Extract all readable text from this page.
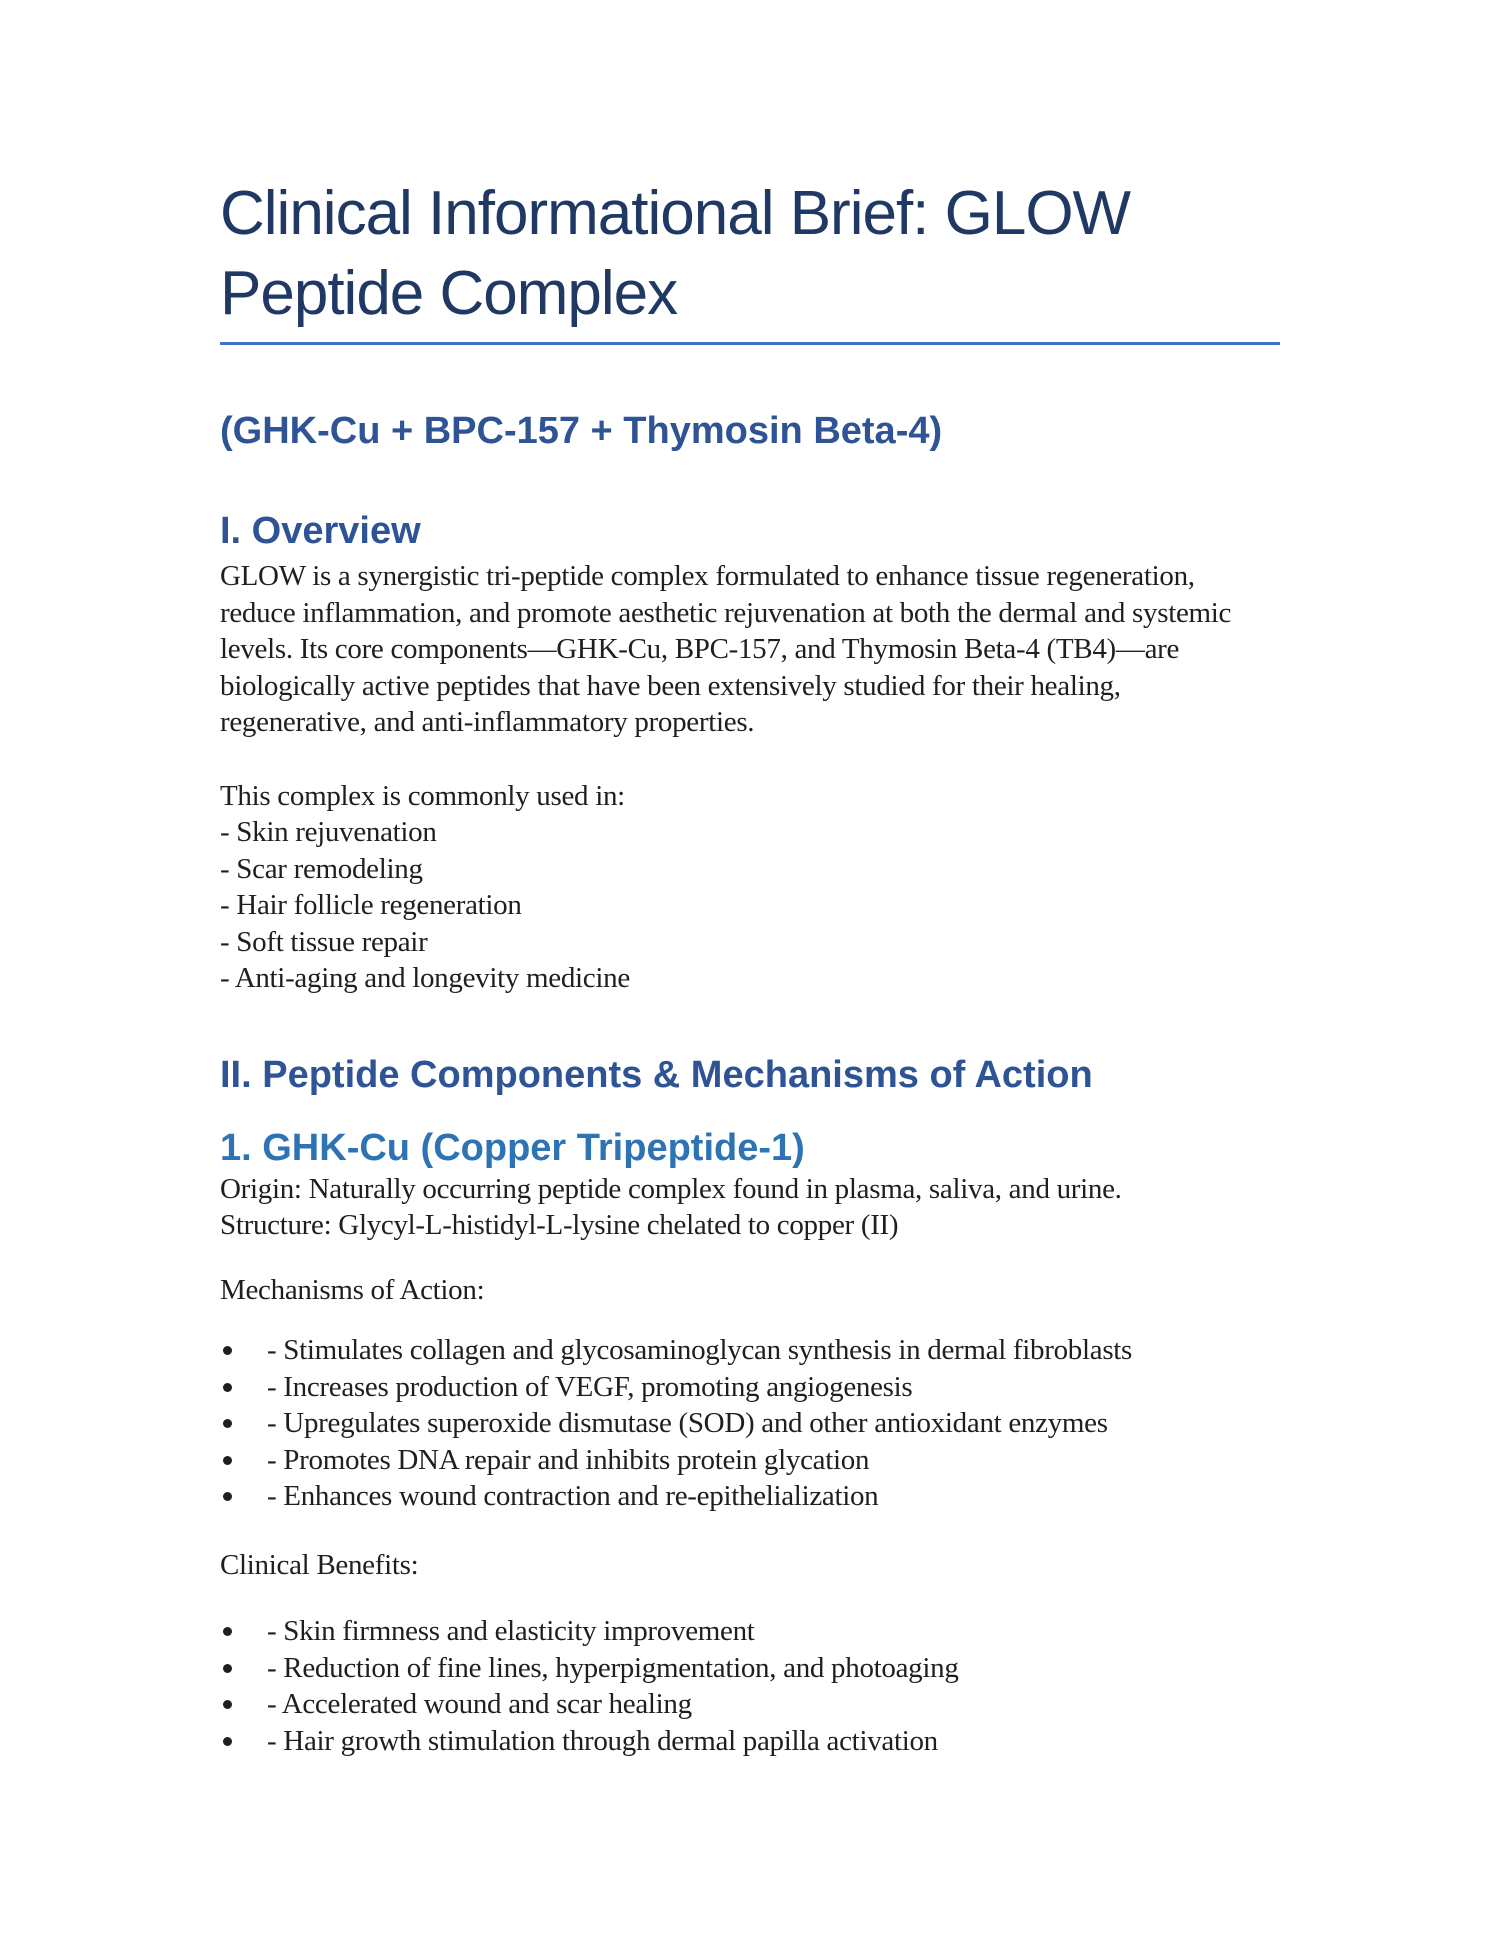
Clinical Informational Brief: GLOW
Peptide Complex
(GHK-Cu + BPC-157 + Thymosin Beta-4)
I. Overview
GLOW is a synergistic tri-peptide complex formulated to enhance tissue regeneration,
reduce inflammation, and promote aesthetic rejuvenation at both the dermal and systemic
levels. Its core components—GHK-Cu, BPC-157, and Thymosin Beta-4 (TB4)—are
biologically active peptides that have been extensively studied for their healing,
regenerative, and anti-inflammatory properties.
This complex is commonly used in:
- Skin rejuvenation
- Scar remodeling
- Hair follicle regeneration
- Soft tissue repair
- Anti-aging and longevity medicine
II. Peptide Components & Mechanisms of Action
1. GHK-Cu (Copper Tripeptide-1)
Origin: Naturally occurring peptide complex found in plasma, saliva, and urine.
Structure: Glycyl-L-histidyl-L-lysine chelated to copper (II)
Mechanisms of Action:
- Stimulates collagen and glycosaminoglycan synthesis in dermal fibroblasts
- Increases production of VEGF, promoting angiogenesis
- Upregulates superoxide dismutase (SOD) and other antioxidant enzymes
- Promotes DNA repair and inhibits protein glycation
- Enhances wound contraction and re-epithelialization
Clinical Benefits:
- Skin firmness and elasticity improvement
- Reduction of fine lines, hyperpigmentation, and photoaging
- Accelerated wound and scar healing
- Hair growth stimulation through dermal papilla activation
